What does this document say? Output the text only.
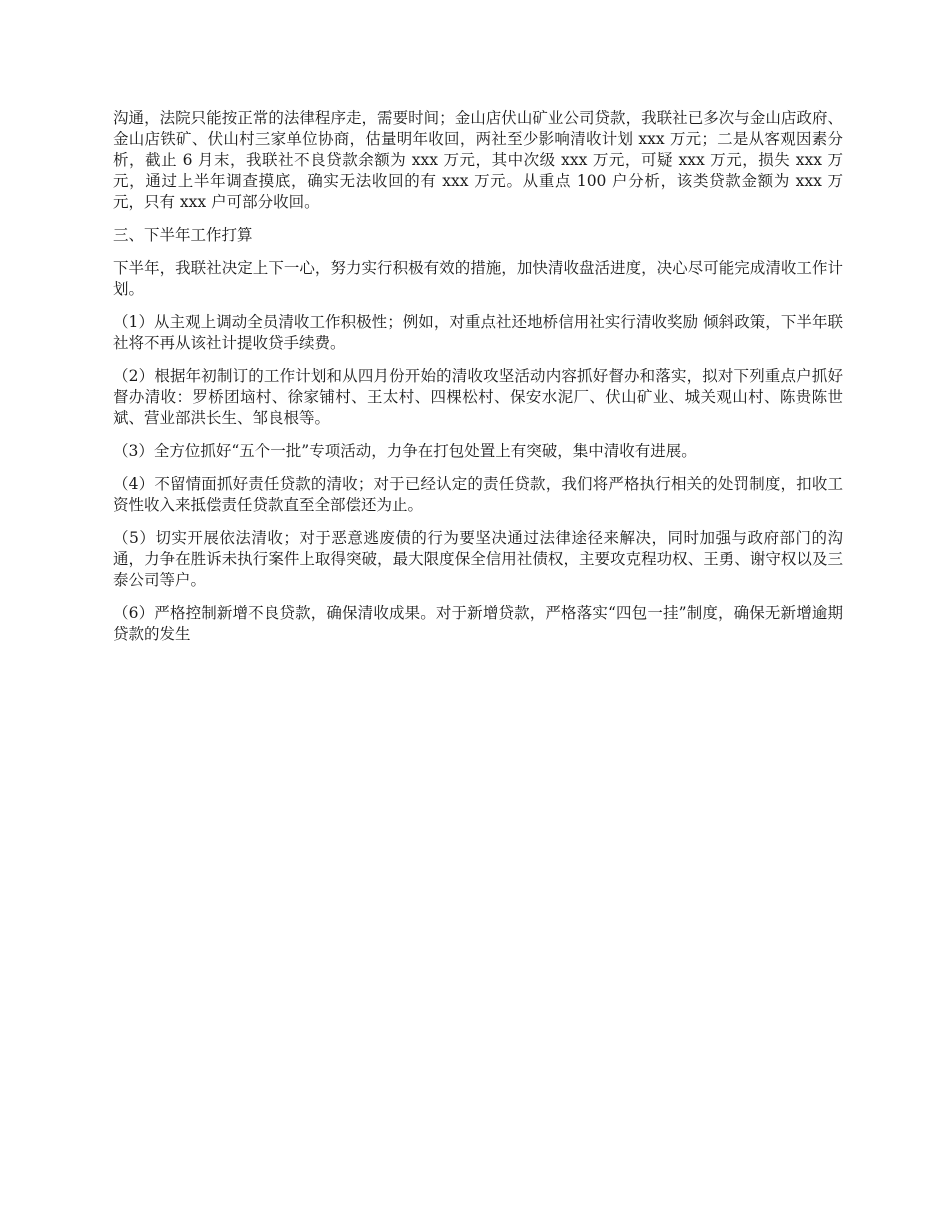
沟通，法院只能按正常的法律程序走，需要时间；金山店伏山矿业公司贷款，我联社已多次与金山店政府、金山店铁矿、伏山村三家单位协商，估量明年收回，两社至少影响清收计划 xxx 万元；二是从客观因素分析，截止 6 月末，我联社不良贷款余额为 xxx 万元，其中次级 xxx 万元，可疑 xxx 万元，损失 xxx 万元，通过上半年调查摸底，确实无法收回的有 xxx 万元。从重点 100 户分析，该类贷款金额为 xxx 万元，只有 xxx 户可部分收回。

三、下半年工作打算

下半年，我联社决定上下一心，努力实行积极有效的措施，加快清收盘活进度，决心尽可能完成清收工作计划。

（1）从主观上调动全员清收工作积极性；例如，对重点社还地桥信用社实行清收奖励 倾斜政策，下半年联社将不再从该社计提收贷手续费。

（2）根据年初制订的工作计划和从四月份开始的清收攻坚活动内容抓好督办和落实，拟对下列重点户抓好督办清收：罗桥团垴村、徐家铺村、王太村、四棵松村、保安水泥厂、伏山矿业、城关观山村、陈贵陈世斌、营业部洪长生、邹良根等。

（3）全方位抓好“五个一批”专项活动，力争在打包处置上有突破，集中清收有进展。

（4）不留情面抓好责任贷款的清收；对于已经认定的责任贷款，我们将严格执行相关的处罚制度，扣收工资性收入来抵偿责任贷款直至全部偿还为止。

（5）切实开展依法清收；对于恶意逃废债的行为要坚决通过法律途径来解决，同时加强与政府部门的沟通，力争在胜诉未执行案件上取得突破，最大限度保全信用社债权，主要攻克程功权、王勇、谢守权以及三泰公司等户。

（6）严格控制新增不良贷款，确保清收成果。对于新增贷款，严格落实“四包一挂”制度，确保无新增逾期贷款的发生
